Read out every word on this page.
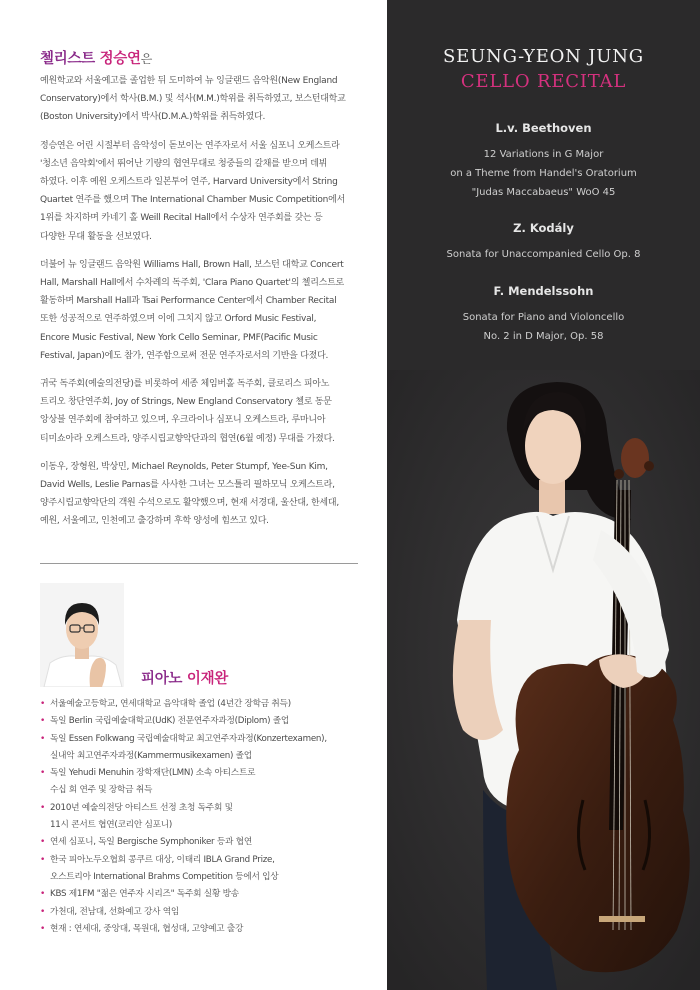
첼리스트 정승연은

예원학교와 서울예고를 졸업한 뒤 도미하여 뉴 잉글랜드 음악원(New England
Conservatory)에서 학사(B.M.) 및 석사(M.M.)학위를 취득하였고, 보스턴대학교
(Boston University)에서 박사(D.M.A.)학위를 취득하였다.

정승연은 어린 시절부터 음악성이 돋보이는 연주자로서 서울 심포니 오케스트라
'청소년 음악회'에서 뛰어난 기량의 협연무대로 청중들의 갈채를 받으며 데뷔
하였다. 이후 예원 오케스트라 일본투어 연주, Harvard University에서 String
Quartet 연주를 했으며 The International Chamber Music Competition에서
1위를 차지하며 카네기 홀 Weill Recital Hall에서 수상자 연주회를 갖는 등
다양한 무대 활동을 선보였다.

더불어 뉴 잉글랜드 음악원 Williams Hall, Brown Hall, 보스턴 대학교 Concert
Hall, Marshall Hall에서 수차례의 독주회, 'Clara Piano Quartet'의 첼리스트로
활동하며 Marshall Hall과 Tsai Performance Center에서 Chamber Recital
또한 성공적으로 연주하였으며 이에 그치지 않고 Orford Music Festival,
Encore Music Festival, New York Cello Seminar, PMF(Pacific Music
Festival, Japan)에도 참가, 연주함으로써 전문 연주자로서의 기반을 다졌다.

귀국 독주회(예술의전당)를 비롯하여 세종 체임버홀 독주회, 클로리스 피아노
트리오 창단연주회, Joy of Strings, New England Conservatory 첼로 동문
앙상블 연주회에 참여하고 있으며, 우크라이나 심포니 오케스트라, 루마니아
티미쇼아라 오케스트라, 양주시립교향악단과의 협연(6월 예정) 무대를 가졌다.

이동우, 장형원, 박상민, Michael Reynolds, Peter Stumpf, Yee-Sun Kim,
David Wells, Leslie Parnas를 사사한 그녀는 모스틀리 필하모닉 오케스트라,
양주시립교향악단의 객원 수석으로도 활약했으며, 현재 서경대, 울산대, 한세대,
예원, 서울예고, 인천예고 출강하며 후학 양성에 힘쓰고 있다.

피아노 이재완
• 서울예술고등학교, 연세대학교 음악대학 졸업 (4년간 장학금 취득)
• 독일 Berlin 국립예술대학교(UdK) 전문연주자과정(Diplom) 졸업
• 독일 Essen Folkwang 국립예술대학교 최고연주자과정(Konzertexamen),
실내악 최고연주자과정(Kammermusikexamen) 졸업
• 독일 Yehudi Menuhin 장학재단(LMN) 소속 아티스트로
수십 회 연주 및 장학금 취득
• 2010년 예술의전당 아티스트 선정 초청 독주회 및
11시 콘서트 협연(코리안 심포니)
• 연세 심포니, 독일 Bergische Symphoniker 등과 협연
• 한국 피아노두오협회 콩쿠르 대상, 이태리 IBLA Grand Prize,
오스트리아 International Brahms Competition 등에서 입상
• KBS 제1FM "젊은 연주자 시리즈" 독주회 실황 방송
• 가천대, 전남대, 선화예고 강사 역임
• 현재 : 연세대, 중앙대, 목원대, 협성대, 고양예고 출강
SEUNG-YEON JUNG
CELLO RECITAL
L.v. Beethoven
12 Variations in G Major
on a Theme from Handel's Oratorium
"Judas Maccabaeus" WoO 45
Z. Kodály
Sonata for Unaccompanied Cello Op. 8
F. Mendelssohn
Sonata for Piano and Violoncello
No. 2 in D Major, Op. 58
